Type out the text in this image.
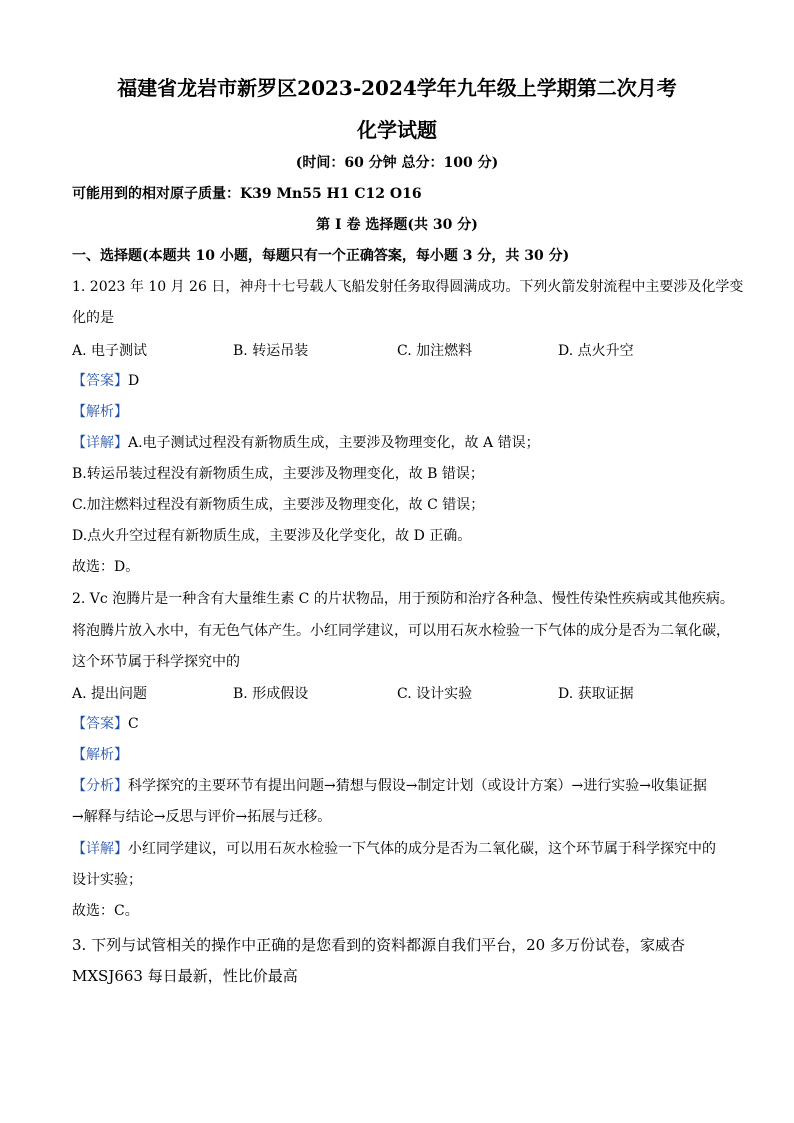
福建省龙岩市新罗区2023-2024学年九年级上学期第二次月考
化学试题
(时间：60 分钟 总分：100 分)
可能用到的相对原子质量：K39 Mn55 H1 C12 O16
第 I 卷 选择题(共 30 分)
一、选择题(本题共 10 小题，每题只有一个正确答案，每小题 3 分，共 30 分)
1. 2023 年 10 月 26 日，神舟十七号载人飞船发射任务取得圆满成功。下列火箭发射流程中主要涉及化学变
化的是
A. 电子测试	B. 转运吊装	C. 加注燃料	D. 点火升空
【答案】D
【解析】
【详解】A.电子测试过程没有新物质生成，主要涉及物理变化，故 A 错误；
B.转运吊装过程没有新物质生成，主要涉及物理变化，故 B 错误；
C.加注燃料过程没有新物质生成，主要涉及物理变化，故 C 错误；
D.点火升空过程有新物质生成，主要涉及化学变化，故 D 正确。
故选：D。
2. Vc 泡腾片是一种含有大量维生素 C 的片状物品，用于预防和治疗各种急、慢性传染性疾病或其他疾病。
将泡腾片放入水中，有无色气体产生。小红同学建议，可以用石灰水检验一下气体的成分是否为二氧化碳，
这个环节属于科学探究中的
A. 提出问题	B. 形成假设	C. 设计实验	D. 获取证据
【答案】C
【解析】
【分析】科学探究的主要环节有提出问题→猜想与假设→制定计划（或设计方案）→进行实验→收集证据
→解释与结论→反思与评价→拓展与迁移。
【详解】小红同学建议，可以用石灰水检验一下气体的成分是否为二氧化碳，这个环节属于科学探究中的
设计实验；
故选：C。
3. 下列与试管相关的操作中正确的是您看到的资料都源自我们平台，20 多万份试卷，家威杏
MXSJ663 每日最新，性比价最高
